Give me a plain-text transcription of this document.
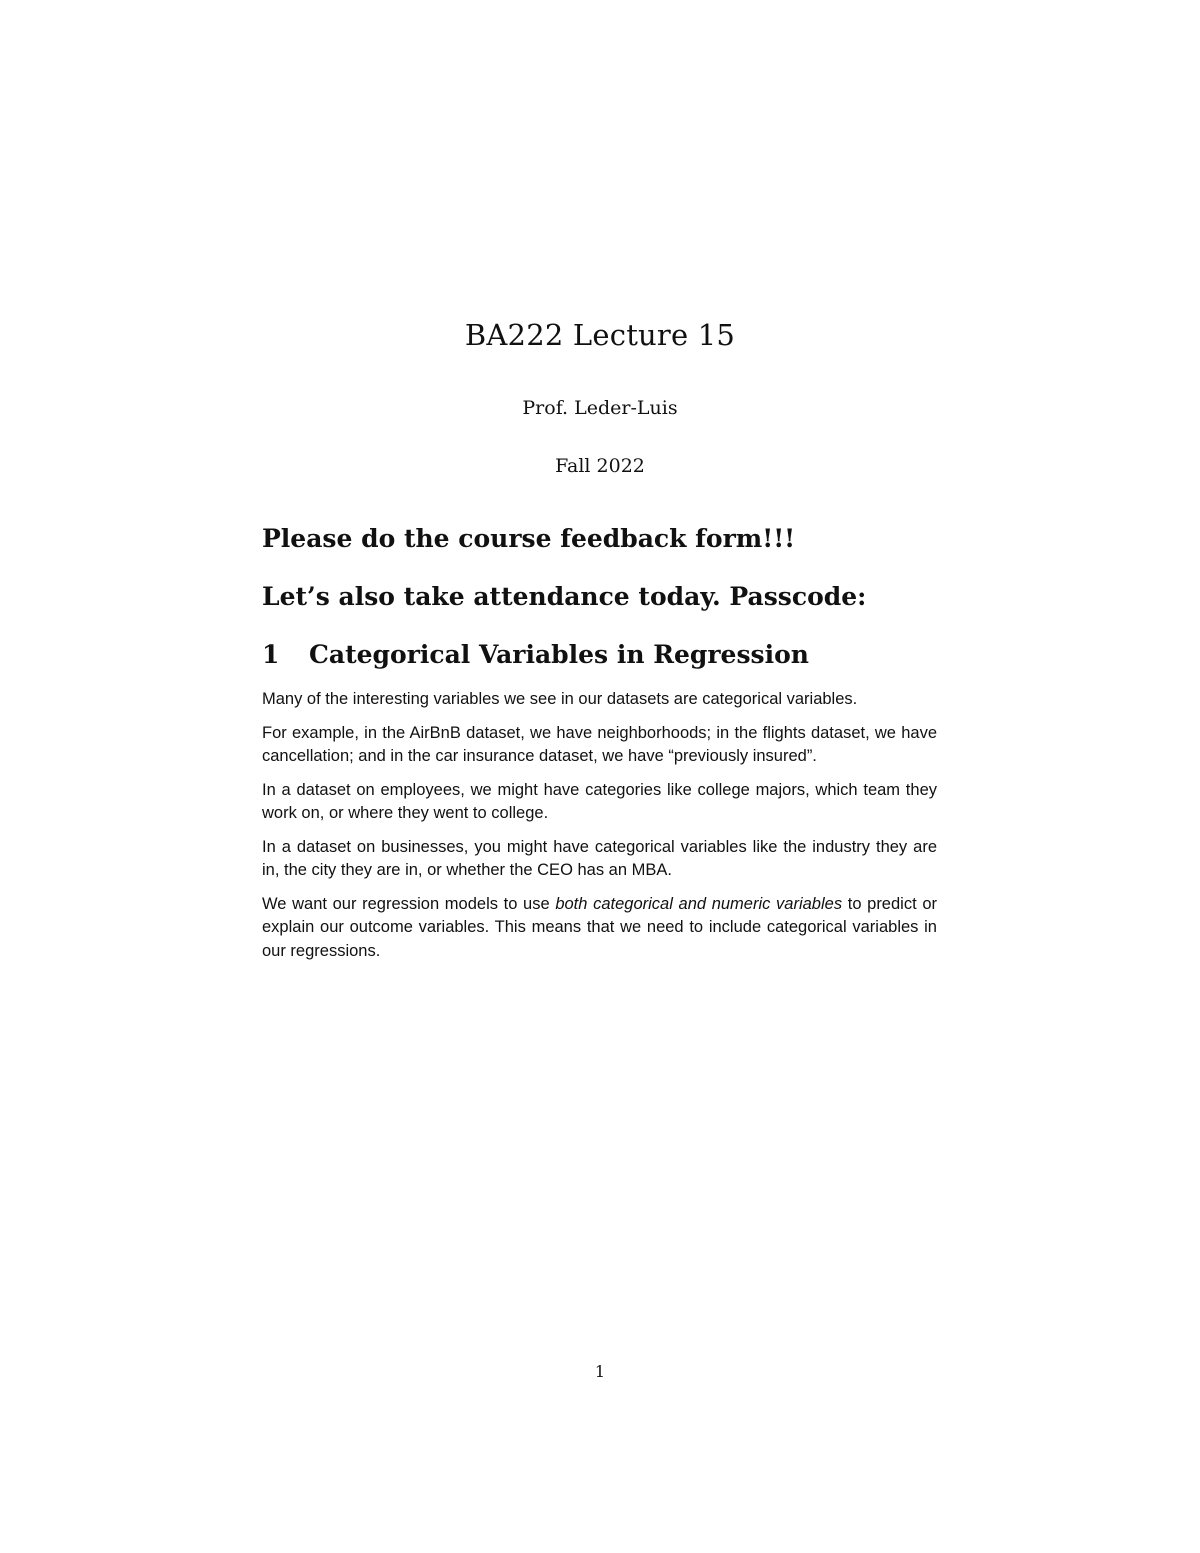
BA222 Lecture 15
Prof. Leder-Luis
Fall 2022
Please do the course feedback form!!!
Let’s also take attendance today. Passcode:
1	Categorical Variables in Regression

Many of the interesting variables we see in our datasets are categorical variables.

For example, in the AirBnB dataset, we have neighborhoods; in the flights dataset, we have cancellation; and in the car insurance dataset, we have “previously insured”.

In a dataset on employees, we might have categories like college majors, which team they work on, or where they went to college.

In a dataset on businesses, you might have categorical variables like the industry they are in, the city they are in, or whether the CEO has an MBA.

We want our regression models to use both categorical and numeric variables to predict or explain our outcome variables. This means that we need to include categorical variables in our regressions.

1
